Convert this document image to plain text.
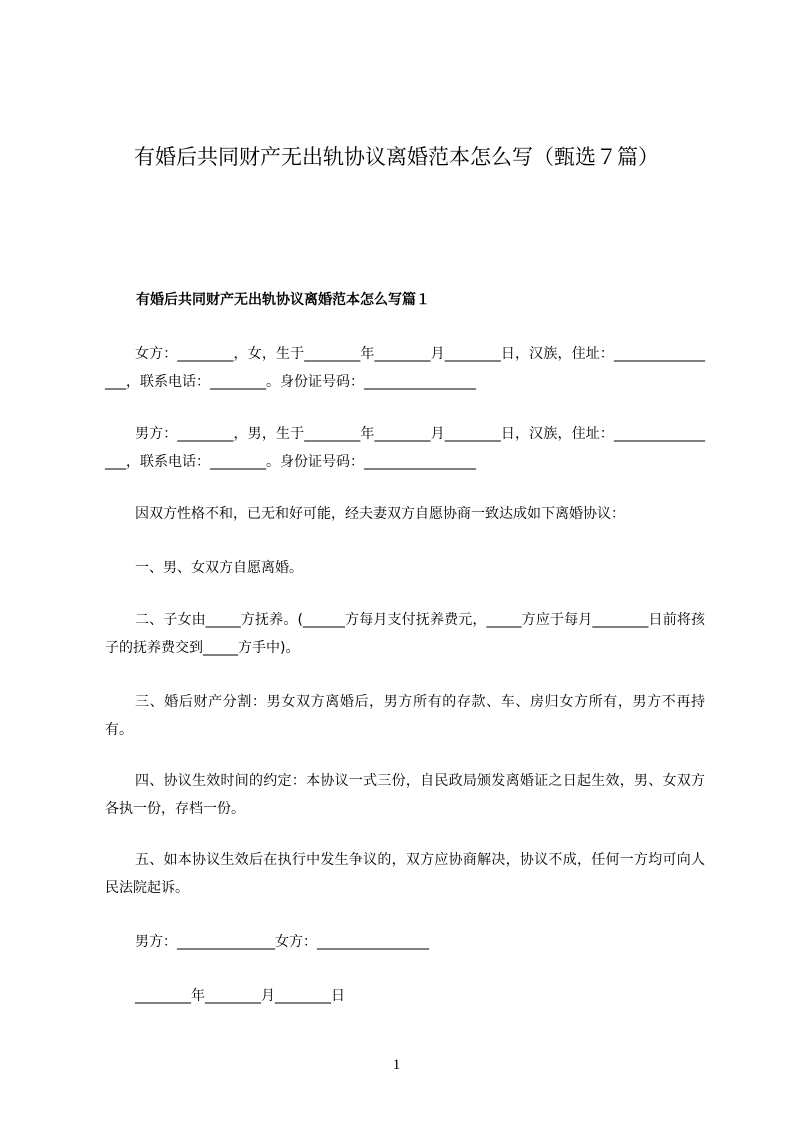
有婚后共同财产无出轨协议离婚范本怎么写（甄选７篇）
有婚后共同财产无出轨协议离婚范本怎么写篇１
女方：________，女，生于________年________月________日，汉族，住址：________________，联系电话：________。身份证号码：________________
男方：________，男，生于________年________月________日，汉族，住址：________________，联系电话：________。身份证号码：________________
因双方性格不和，已无和好可能，经夫妻双方自愿协商一致达成如下离婚协议：
一、男、女双方自愿离婚。
二、子女由_____方抚养。(______方每月支付抚养费元，_____方应于每月________日前将孩子的抚养费交到_____方手中)。
三、婚后财产分割：男女双方离婚后，男方所有的存款、车、房归女方所有，男方不再持有。
四、协议生效时间的约定：本协议一式三份，自民政局颁发离婚证之日起生效，男、女双方各执一份，存档一份。
五、如本协议生效后在执行中发生争议的，双方应协商解决，协议不成，任何一方均可向人民法院起诉。
男方：______________女方：________________
________年________月________日
1
